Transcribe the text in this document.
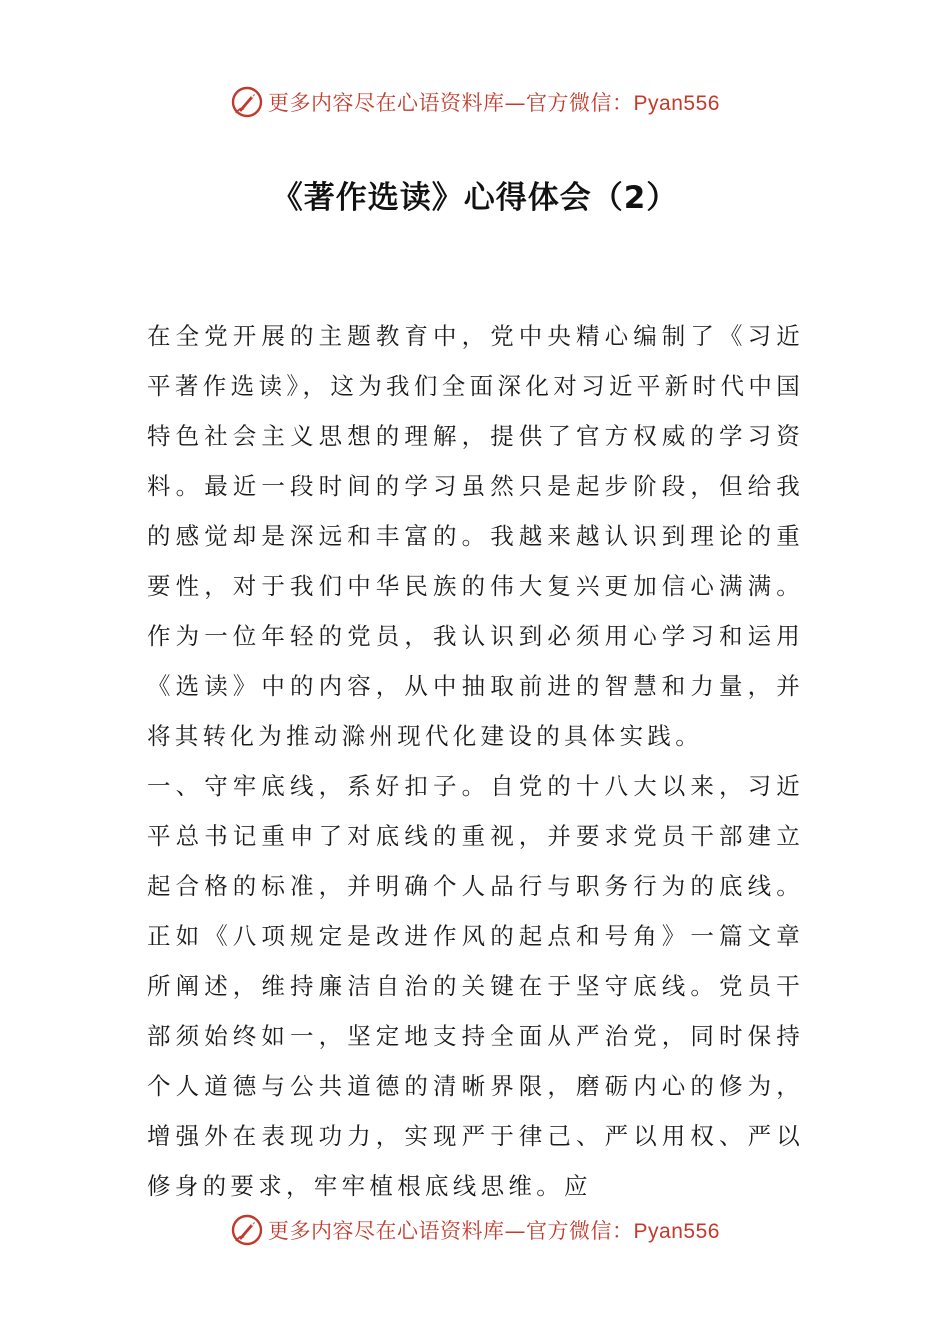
更多内容尽在心语资料库—官方微信：Pyan556
《著作选读》心得体会（2）

在全党开展的主题教育中，党中央精心编制了《习近平著作选读》，这为我们全面深化对习近平新时代中国特色社会主义思想的理解，提供了官方权威的学习资料。最近一段时间的学习虽然只是起步阶段，但给我的感觉却是深远和丰富的。我越来越认识到理论的重要性，对于我们中华民族的伟大复兴更加信心满满。作为一位年轻的党员，我认识到必须用心学习和运用《选读》中的内容，从中抽取前进的智慧和力量，并将其转化为推动滁州现代化建设的具体实践。

一、守牢底线，系好扣子。自党的十八大以来，习近平总书记重申了对底线的重视，并要求党员干部建立起合格的标准，并明确个人品行与职务行为的底线。正如《八项规定是改进作风的起点和号角》一篇文章所阐述，维持廉洁自治的关键在于坚守底线。党员干部须始终如一，坚定地支持全面从严治党，同时保持个人道德与公共道德的清晰界限，磨砺内心的修为，增强外在表现功力，实现严于律己、严以用权、严以修身的要求，牢牢植根底线思维。应

更多内容尽在心语资料库—官方微信：Pyan556
